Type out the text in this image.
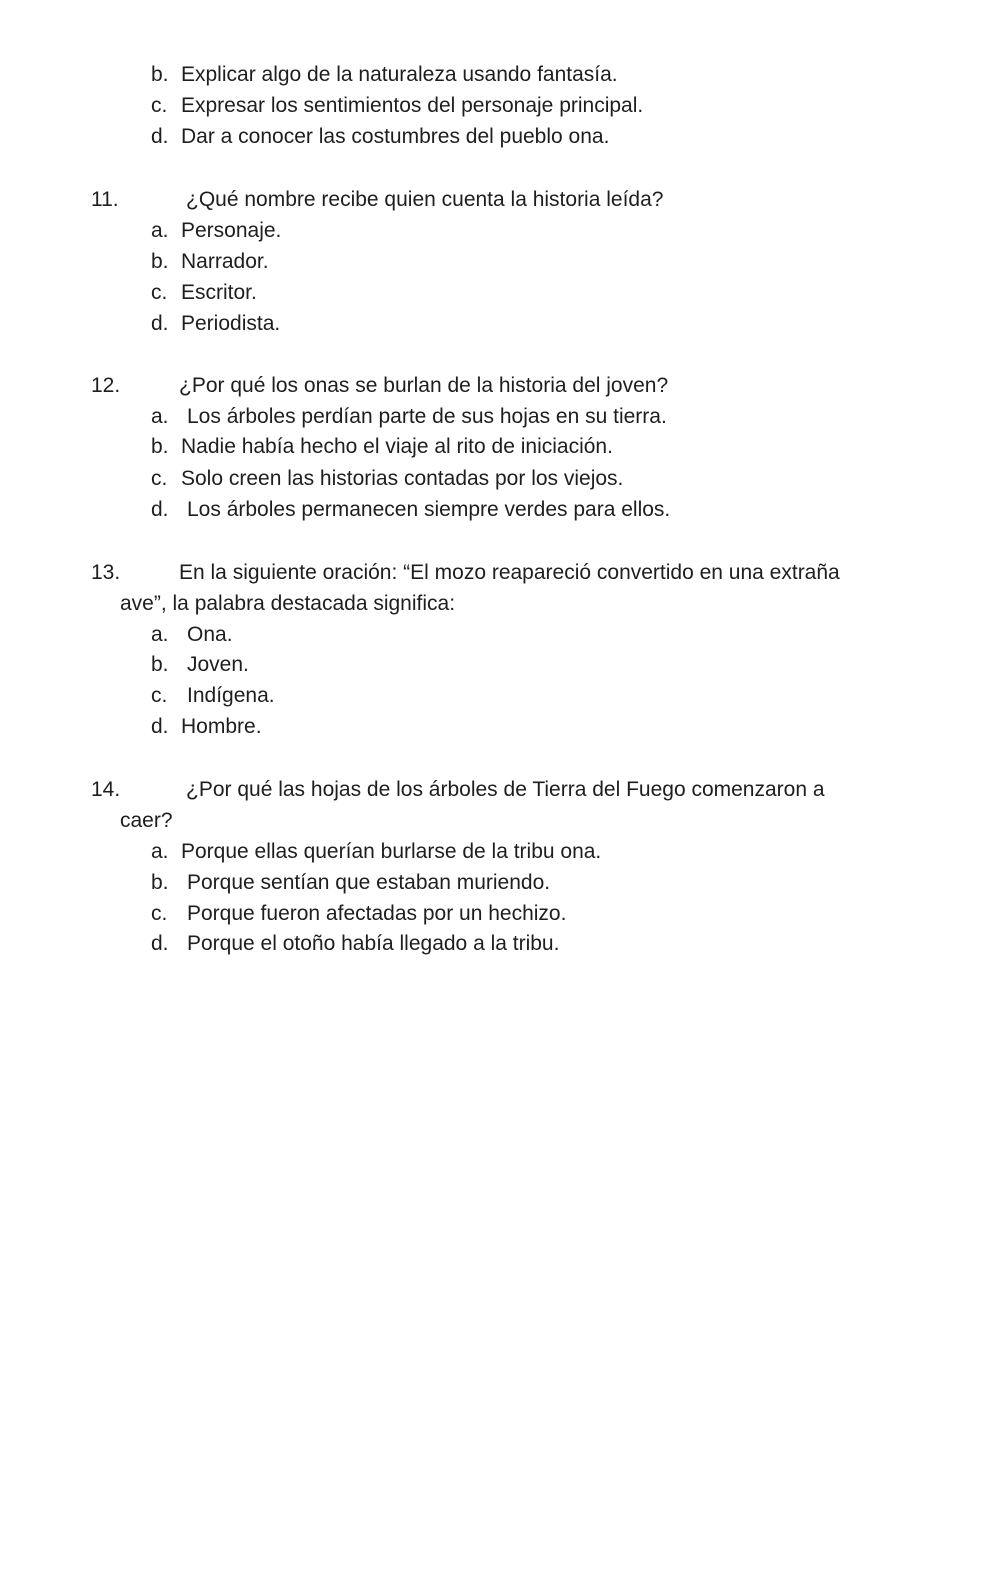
b. Explicar algo de la naturaleza usando fantasía.
c. Expresar los sentimientos del personaje principal.
d. Dar a conocer las costumbres del pueblo ona.
11.	¿Qué nombre recibe quien cuenta la historia leída?
a. Personaje.
b. Narrador.
c. Escritor.
d. Periodista.
12.	¿Por qué los onas se burlan de la historia del joven?
a. Los árboles perdían parte de sus hojas en su tierra.
b. Nadie había hecho el viaje al rito de iniciación.
c. Solo creen las historias contadas por los viejos.
d. Los árboles permanecen siempre verdes para ellos.
13.	En la siguiente oración: “El mozo reapareció convertido en una extraña
ave”, la palabra destacada significa:
a. Ona.
b. Joven.
c. Indígena.
d. Hombre.
14.	¿Por qué las hojas de los árboles de Tierra del Fuego comenzaron a
caer?
a. Porque ellas querían burlarse de la tribu ona.
b. Porque sentían que estaban muriendo.
c. Porque fueron afectadas por un hechizo.
d. Porque el otoño había llegado a la tribu.
